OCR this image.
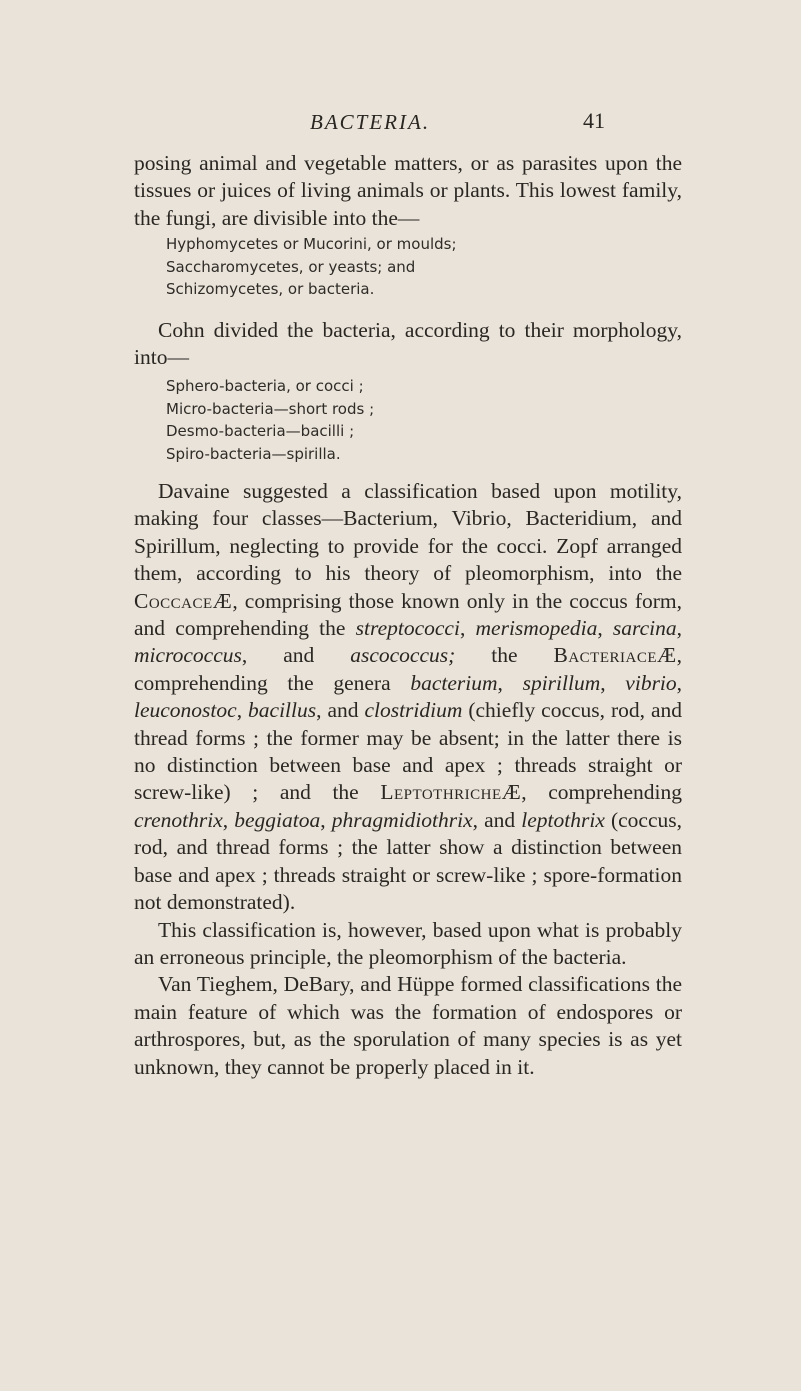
BACTERIA.	41

posing animal and vegetable matters, or as parasites upon the tissues or juices of living animals or plants. This lowest family, the fungi, are divisible into the—

Hyphomycetes or Mucorini, or moulds;
Saccharomycetes, or yeasts; and
Schizomycetes, or bacteria.

Cohn divided the bacteria, according to their morphology, into—

Sphero-bacteria, or cocci ;
Micro-bacteria—short rods ;
Desmo-bacteria—bacilli ;
Spiro-bacteria—spirilla.

Davaine suggested a classification based upon motility, making four classes—Bacterium, Vibrio, Bacteridium, and Spirillum, neglecting to provide for the cocci. Zopf arranged them, according to his theory of pleomorphism, into the CoccaceÆ, comprising those known only in the coccus form, and comprehending the streptococci, merismopedia, sarcina, micrococcus, and ascococcus; the BacteriaceÆ, comprehending the genera bacterium, spirillum, vibrio, leuconostoc, bacillus, and clostridium (chiefly coccus, rod, and thread forms ; the former may be absent; in the latter there is no distinction between base and apex ; threads straight or screw-like) ; and the LeptothricheÆ, comprehending crenothrix, beggiatoa, phragmidiothrix, and leptothrix (coccus, rod, and thread forms ; the latter show a distinction between base and apex ; threads straight or screw-like ; spore-formation not demonstrated).

This classification is, however, based upon what is probably an erroneous principle, the pleomorphism of the bacteria.

Van Tieghem, DeBary, and Hüppe formed classifications the main feature of which was the formation of endospores or arthrospores, but, as the sporulation of many species is as yet unknown, they cannot be properly placed in it.
